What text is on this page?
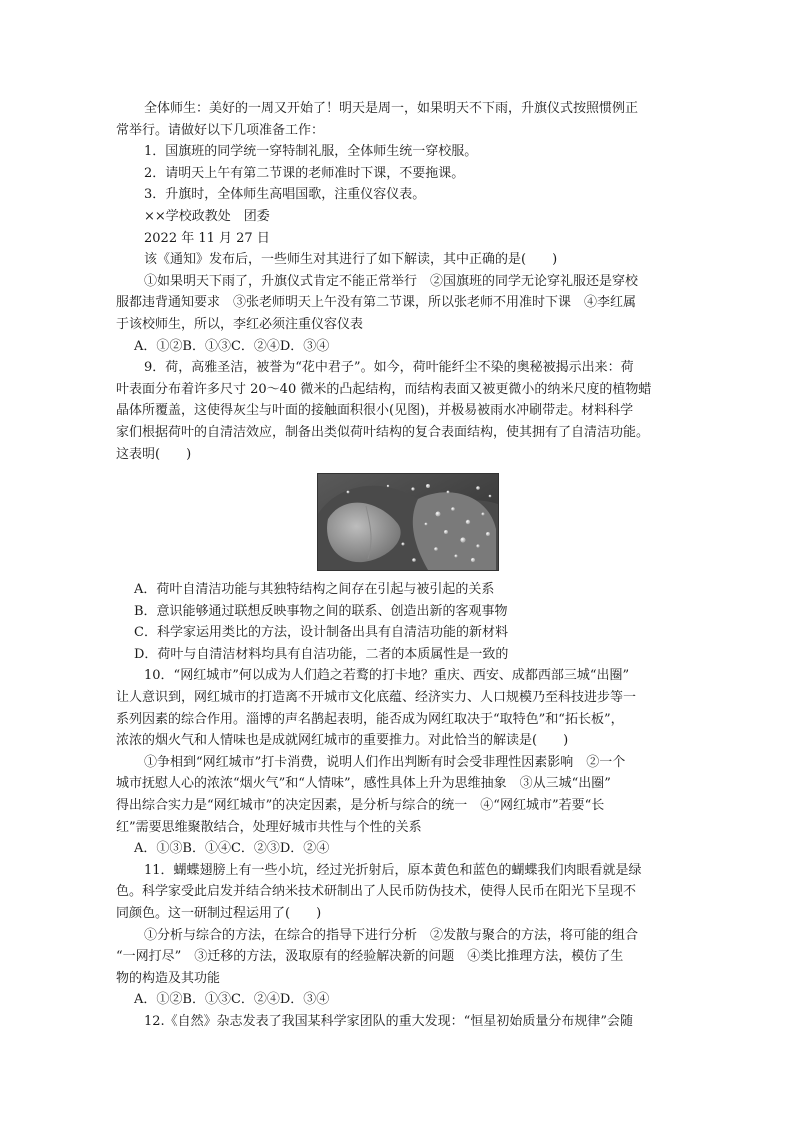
全体师生：美好的一周又开始了！明天是周一，如果明天不下雨，升旗仪式按照惯例正

常举行。请做好以下几项准备工作：

1．国旗班的同学统一穿特制礼服，全体师生统一穿校服。

2．请明天上午有第二节课的老师准时下课，不要拖课。

3．升旗时，全体师生高唱国歌，注重仪容仪表。

××学校政教处　团委

2022 年 11 月 27 日

该《通知》发布后，一些师生对其进行了如下解读，其中正确的是(　　)

①如果明天下雨了，升旗仪式肯定不能正常举行　②国旗班的同学无论穿礼服还是穿校

服都违背通知要求　③张老师明天上午没有第二节课，所以张老师不用准时下课　④李红属

于该校师生，所以，李红必须注重仪容仪表

A．①②B．①③C．②④D．③④

9．荷，高雅圣洁，被誉为“花中君子”。如今，荷叶能纤尘不染的奥秘被揭示出来：荷

叶表面分布着许多尺寸 20～40 微米的凸起结构，而结构表面又被更微小的纳米尺度的植物蜡

晶体所覆盖，这使得灰尘与叶面的接触面积很小(见图)，并极易被雨水冲刷带走。材料科学

家们根据荷叶的自清洁效应，制备出类似荷叶结构的复合表面结构，使其拥有了自清洁功能。

这表明(　　)

A．荷叶自清洁功能与其独特结构之间存在引起与被引起的关系

B．意识能够通过联想反映事物之间的联系、创造出新的客观事物

C．科学家运用类比的方法，设计制备出具有自清洁功能的新材料

D．荷叶与自清洁材料均具有自洁功能，二者的本质属性是一致的

10．“网红城市”何以成为人们趋之若鹜的打卡地？重庆、西安、成都西部三城“出圈”

让人意识到，网红城市的打造离不开城市文化底蕴、经济实力、人口规模乃至科技进步等一

系列因素的综合作用。淄博的声名鹊起表明，能否成为网红取决于“取特色”和“拓长板”，

浓浓的烟火气和人情味也是成就网红城市的重要推力。对此恰当的解读是(　　)

①争相到“网红城市”打卡消费，说明人们作出判断有时会受非理性因素影响　②一个

城市抚慰人心的浓浓“烟火气”和“人情味”，感性具体上升为思维抽象　③从三城“出圈”

得出综合实力是“网红城市”的决定因素，是分析与综合的统一　④“网红城市”若要“长

红”需要思维聚散结合，处理好城市共性与个性的关系

A．①③B．①④C．②③D．②④

11．蝴蝶翅膀上有一些小坑，经过光折射后，原本黄色和蓝色的蝴蝶我们肉眼看就是绿

色。科学家受此启发并结合纳米技术研制出了人民币防伪技术，使得人民币在阳光下呈现不

同颜色。这一研制过程运用了(　　)

①分析与综合的方法，在综合的指导下进行分析　②发散与聚合的方法，将可能的组合

“一网打尽”　③迁移的方法，汲取原有的经验解决新的问题　④类比推理方法，模仿了生

物的构造及其功能

A．①②B．①③C．②④D．③④

12.《自然》杂志发表了我国某科学家团队的重大发现：“恒星初始质量分布规律”会随
